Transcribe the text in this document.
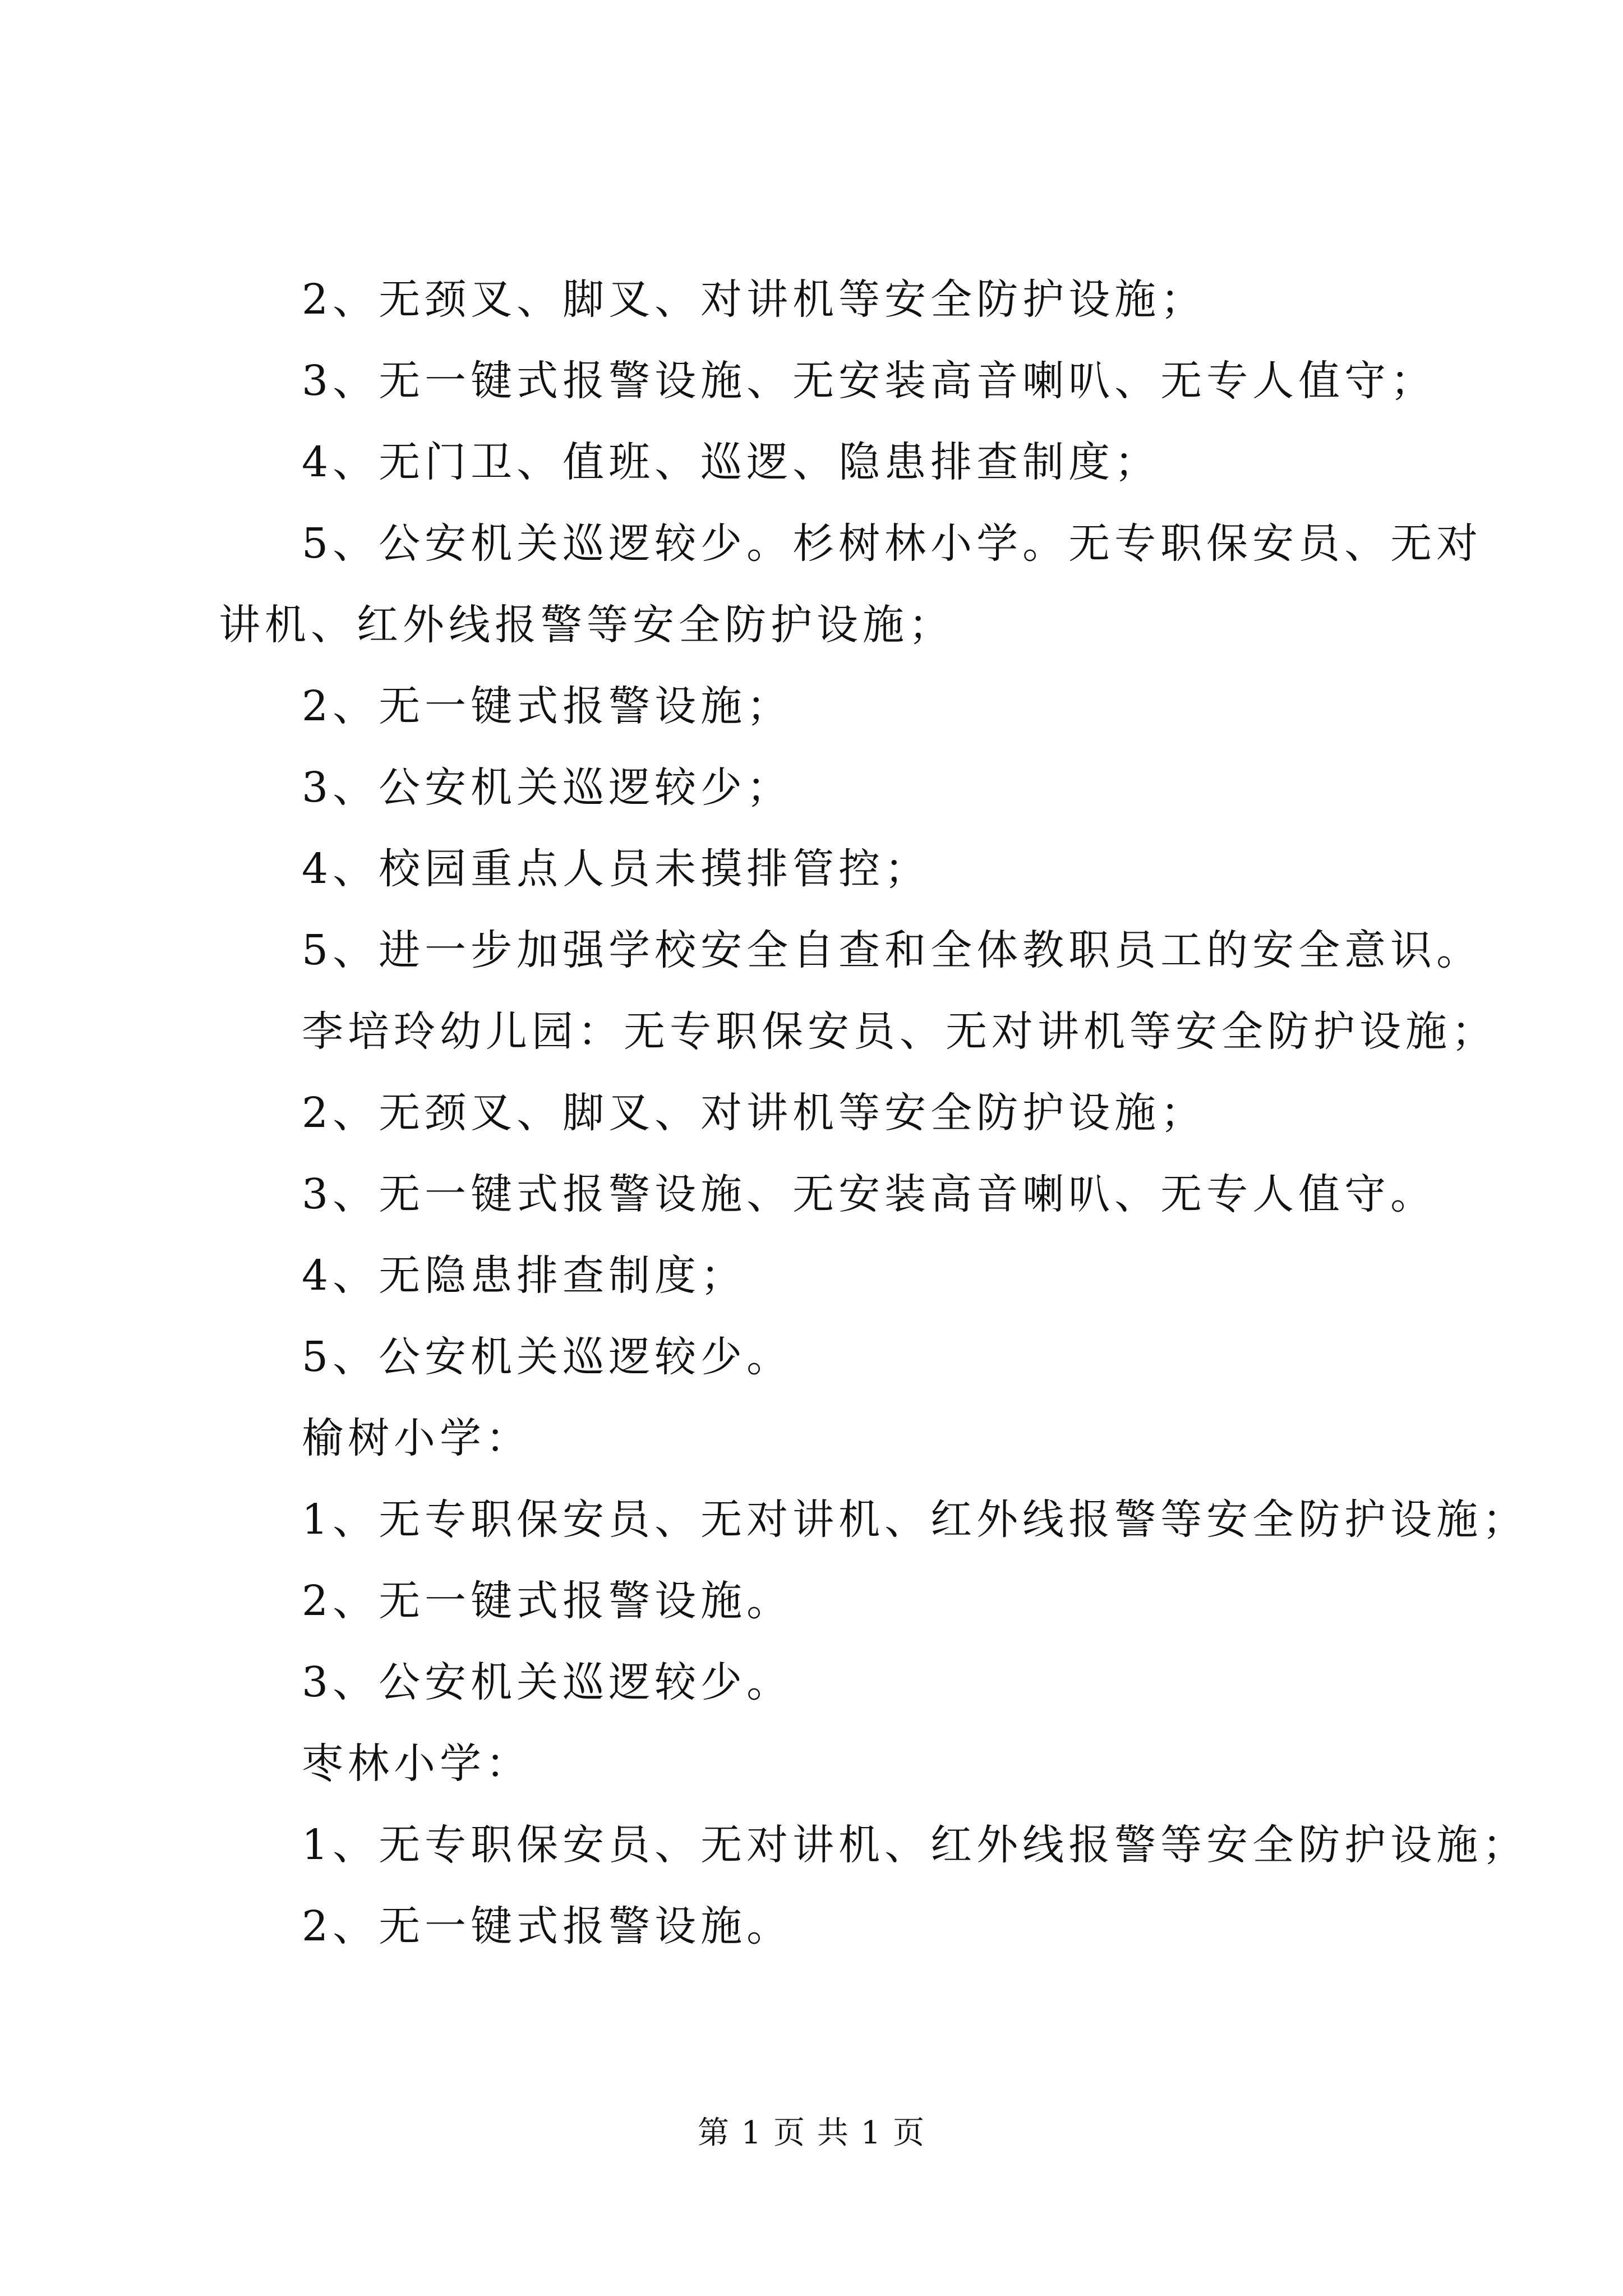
2、无颈叉、脚叉、对讲机等安全防护设施；
3、无一键式报警设施、无安装高音喇叭、无专人值守；
4、无门卫、值班、巡逻、隐患排查制度；
5、公安机关巡逻较少。杉树林小学。无专职保安员、无对
讲机、红外线报警等安全防护设施；
2、无一键式报警设施；
3、公安机关巡逻较少；
4、校园重点人员未摸排管控；
5、进一步加强学校安全自查和全体教职员工的安全意识。
李培玲幼儿园：无专职保安员、无对讲机等安全防护设施；
2、无颈叉、脚叉、对讲机等安全防护设施；
3、无一键式报警设施、无安装高音喇叭、无专人值守。
4、无隐患排查制度；
5、公安机关巡逻较少。
榆树小学：
1、无专职保安员、无对讲机、红外线报警等安全防护设施；
2、无一键式报警设施。
3、公安机关巡逻较少。
枣林小学：
1、无专职保安员、无对讲机、红外线报警等安全防护设施；
2、无一键式报警设施。
第 1 页 共 1 页
